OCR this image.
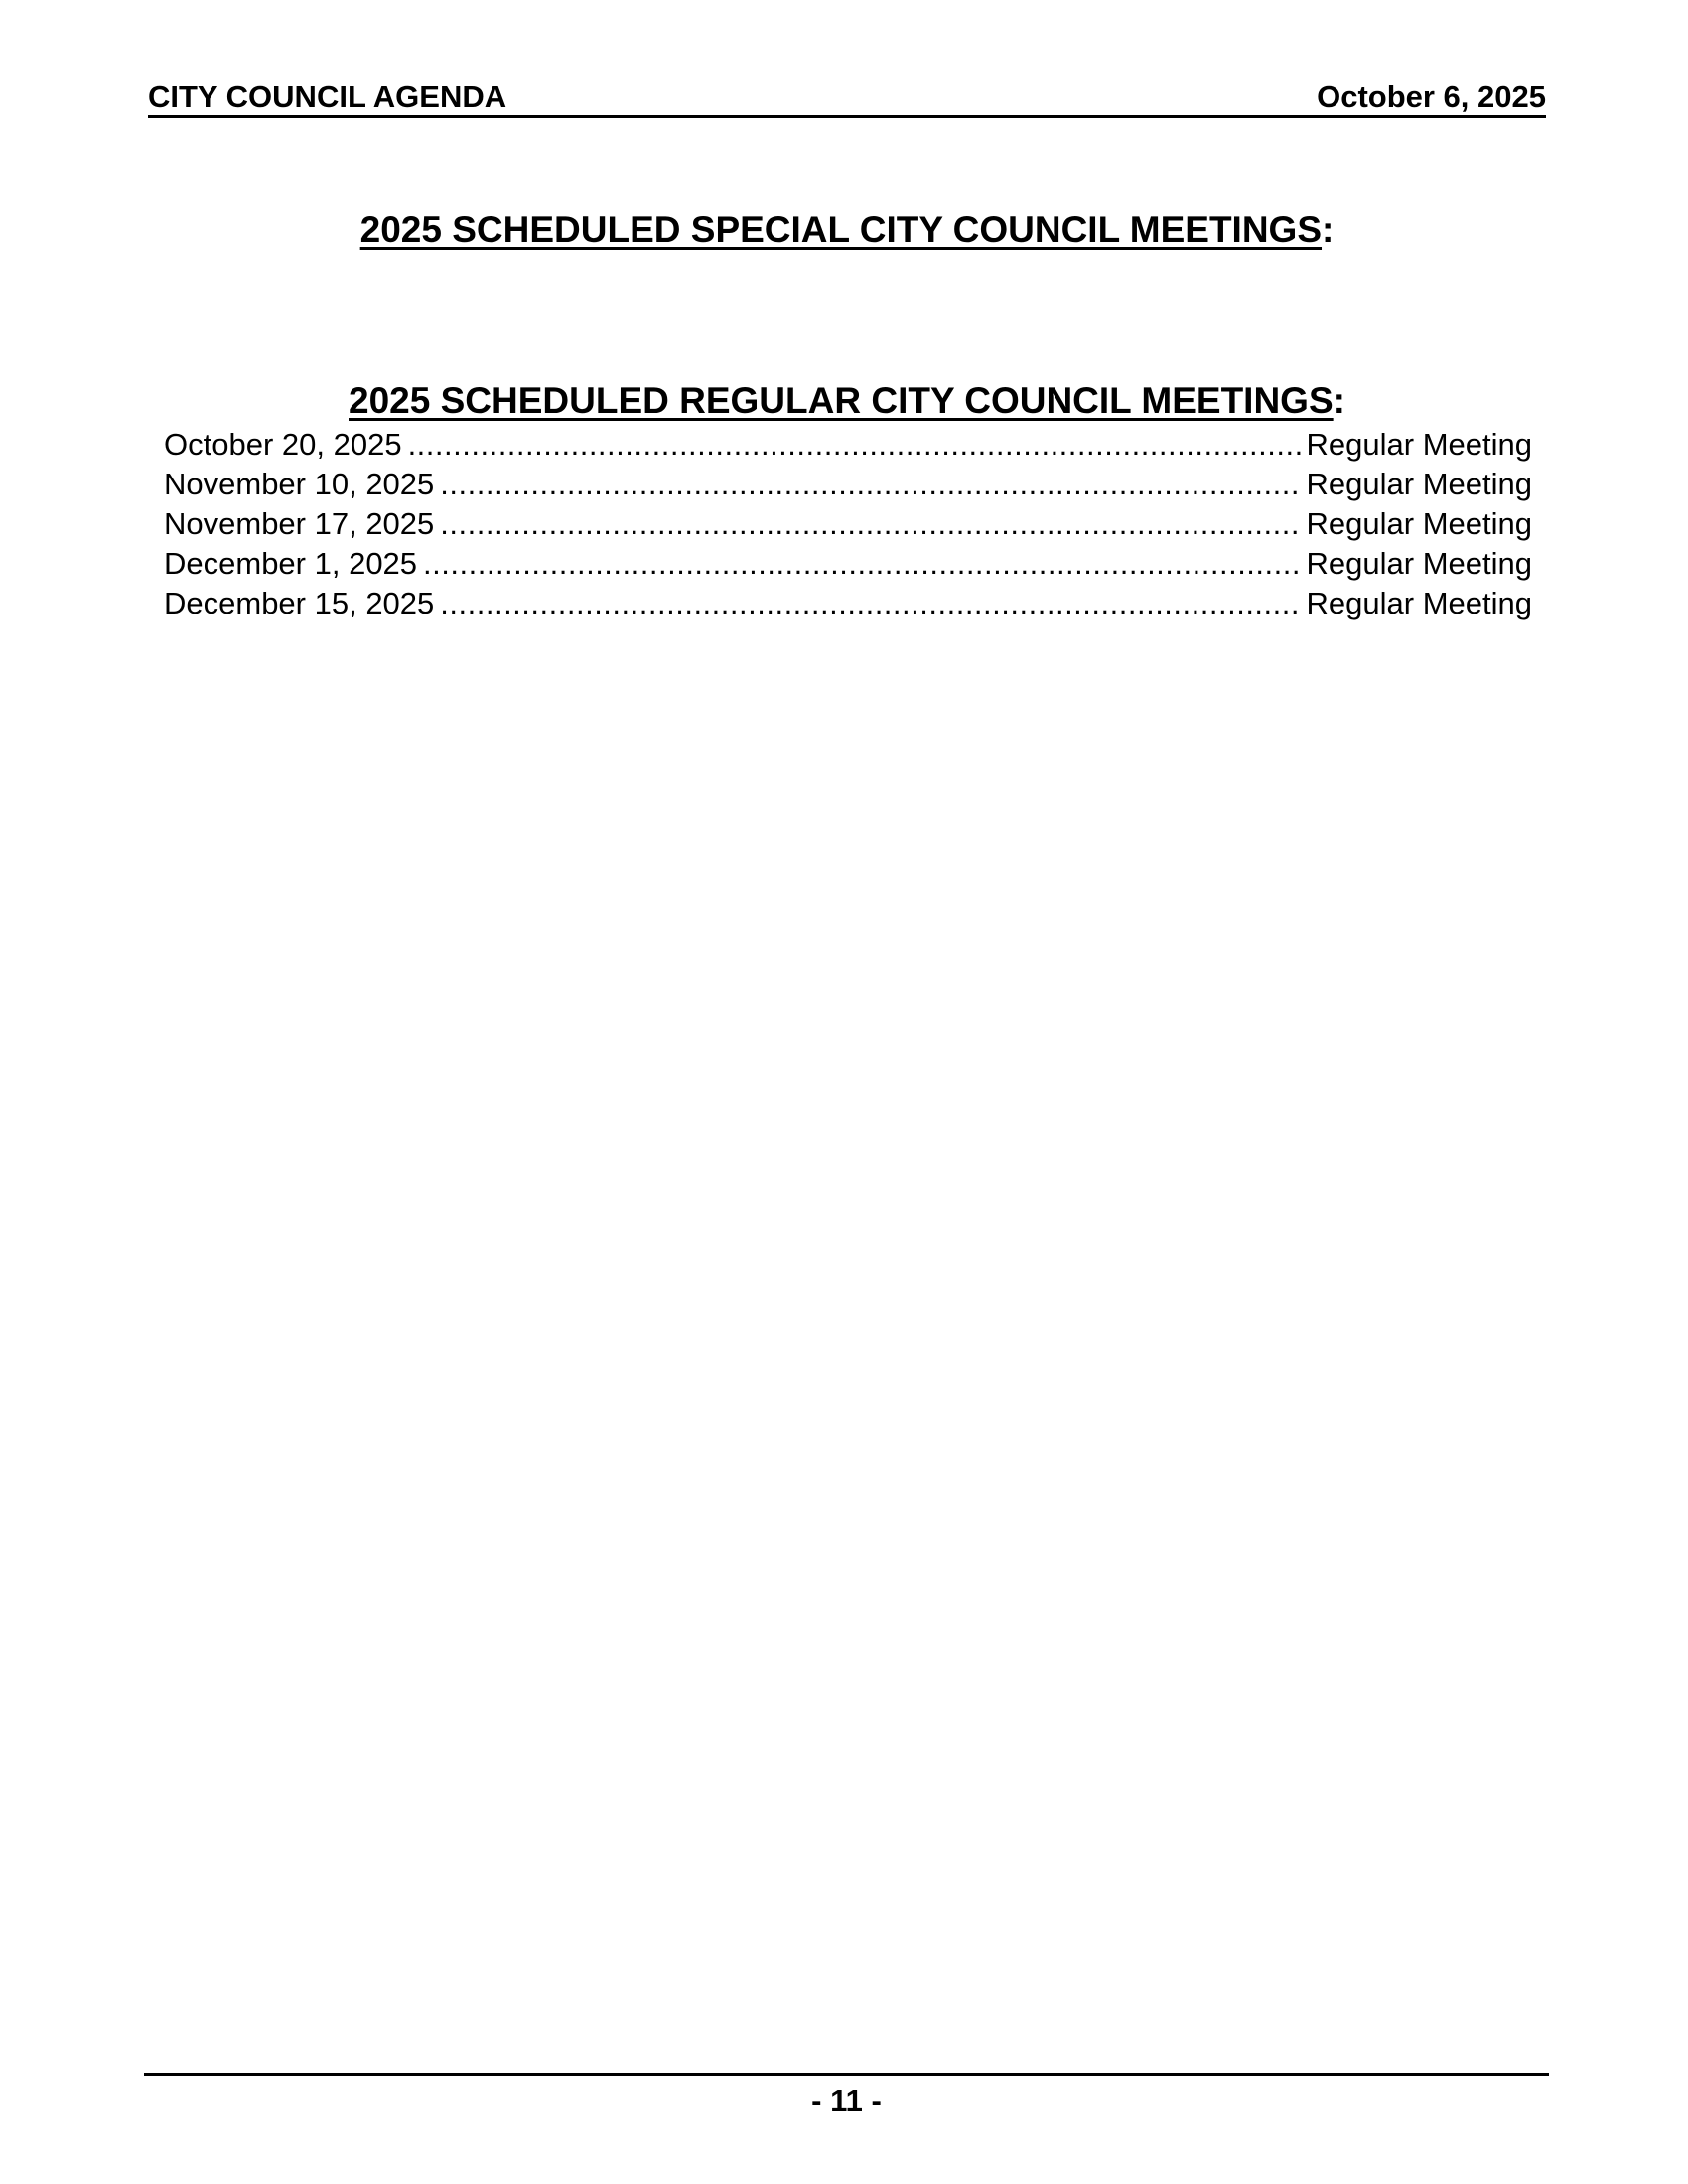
CITY COUNCIL AGENDA	October 6, 2025
2025 SCHEDULED SPECIAL CITY COUNCIL MEETINGS:
2025 SCHEDULED REGULAR CITY COUNCIL MEETINGS:
October 20, 2025 .....	Regular Meeting
November 10, 2025 .....	Regular Meeting
November 17, 2025 .....	Regular Meeting
December 1, 2025 .....	Regular Meeting
December 15, 2025 .....	Regular Meeting
- 11 -
